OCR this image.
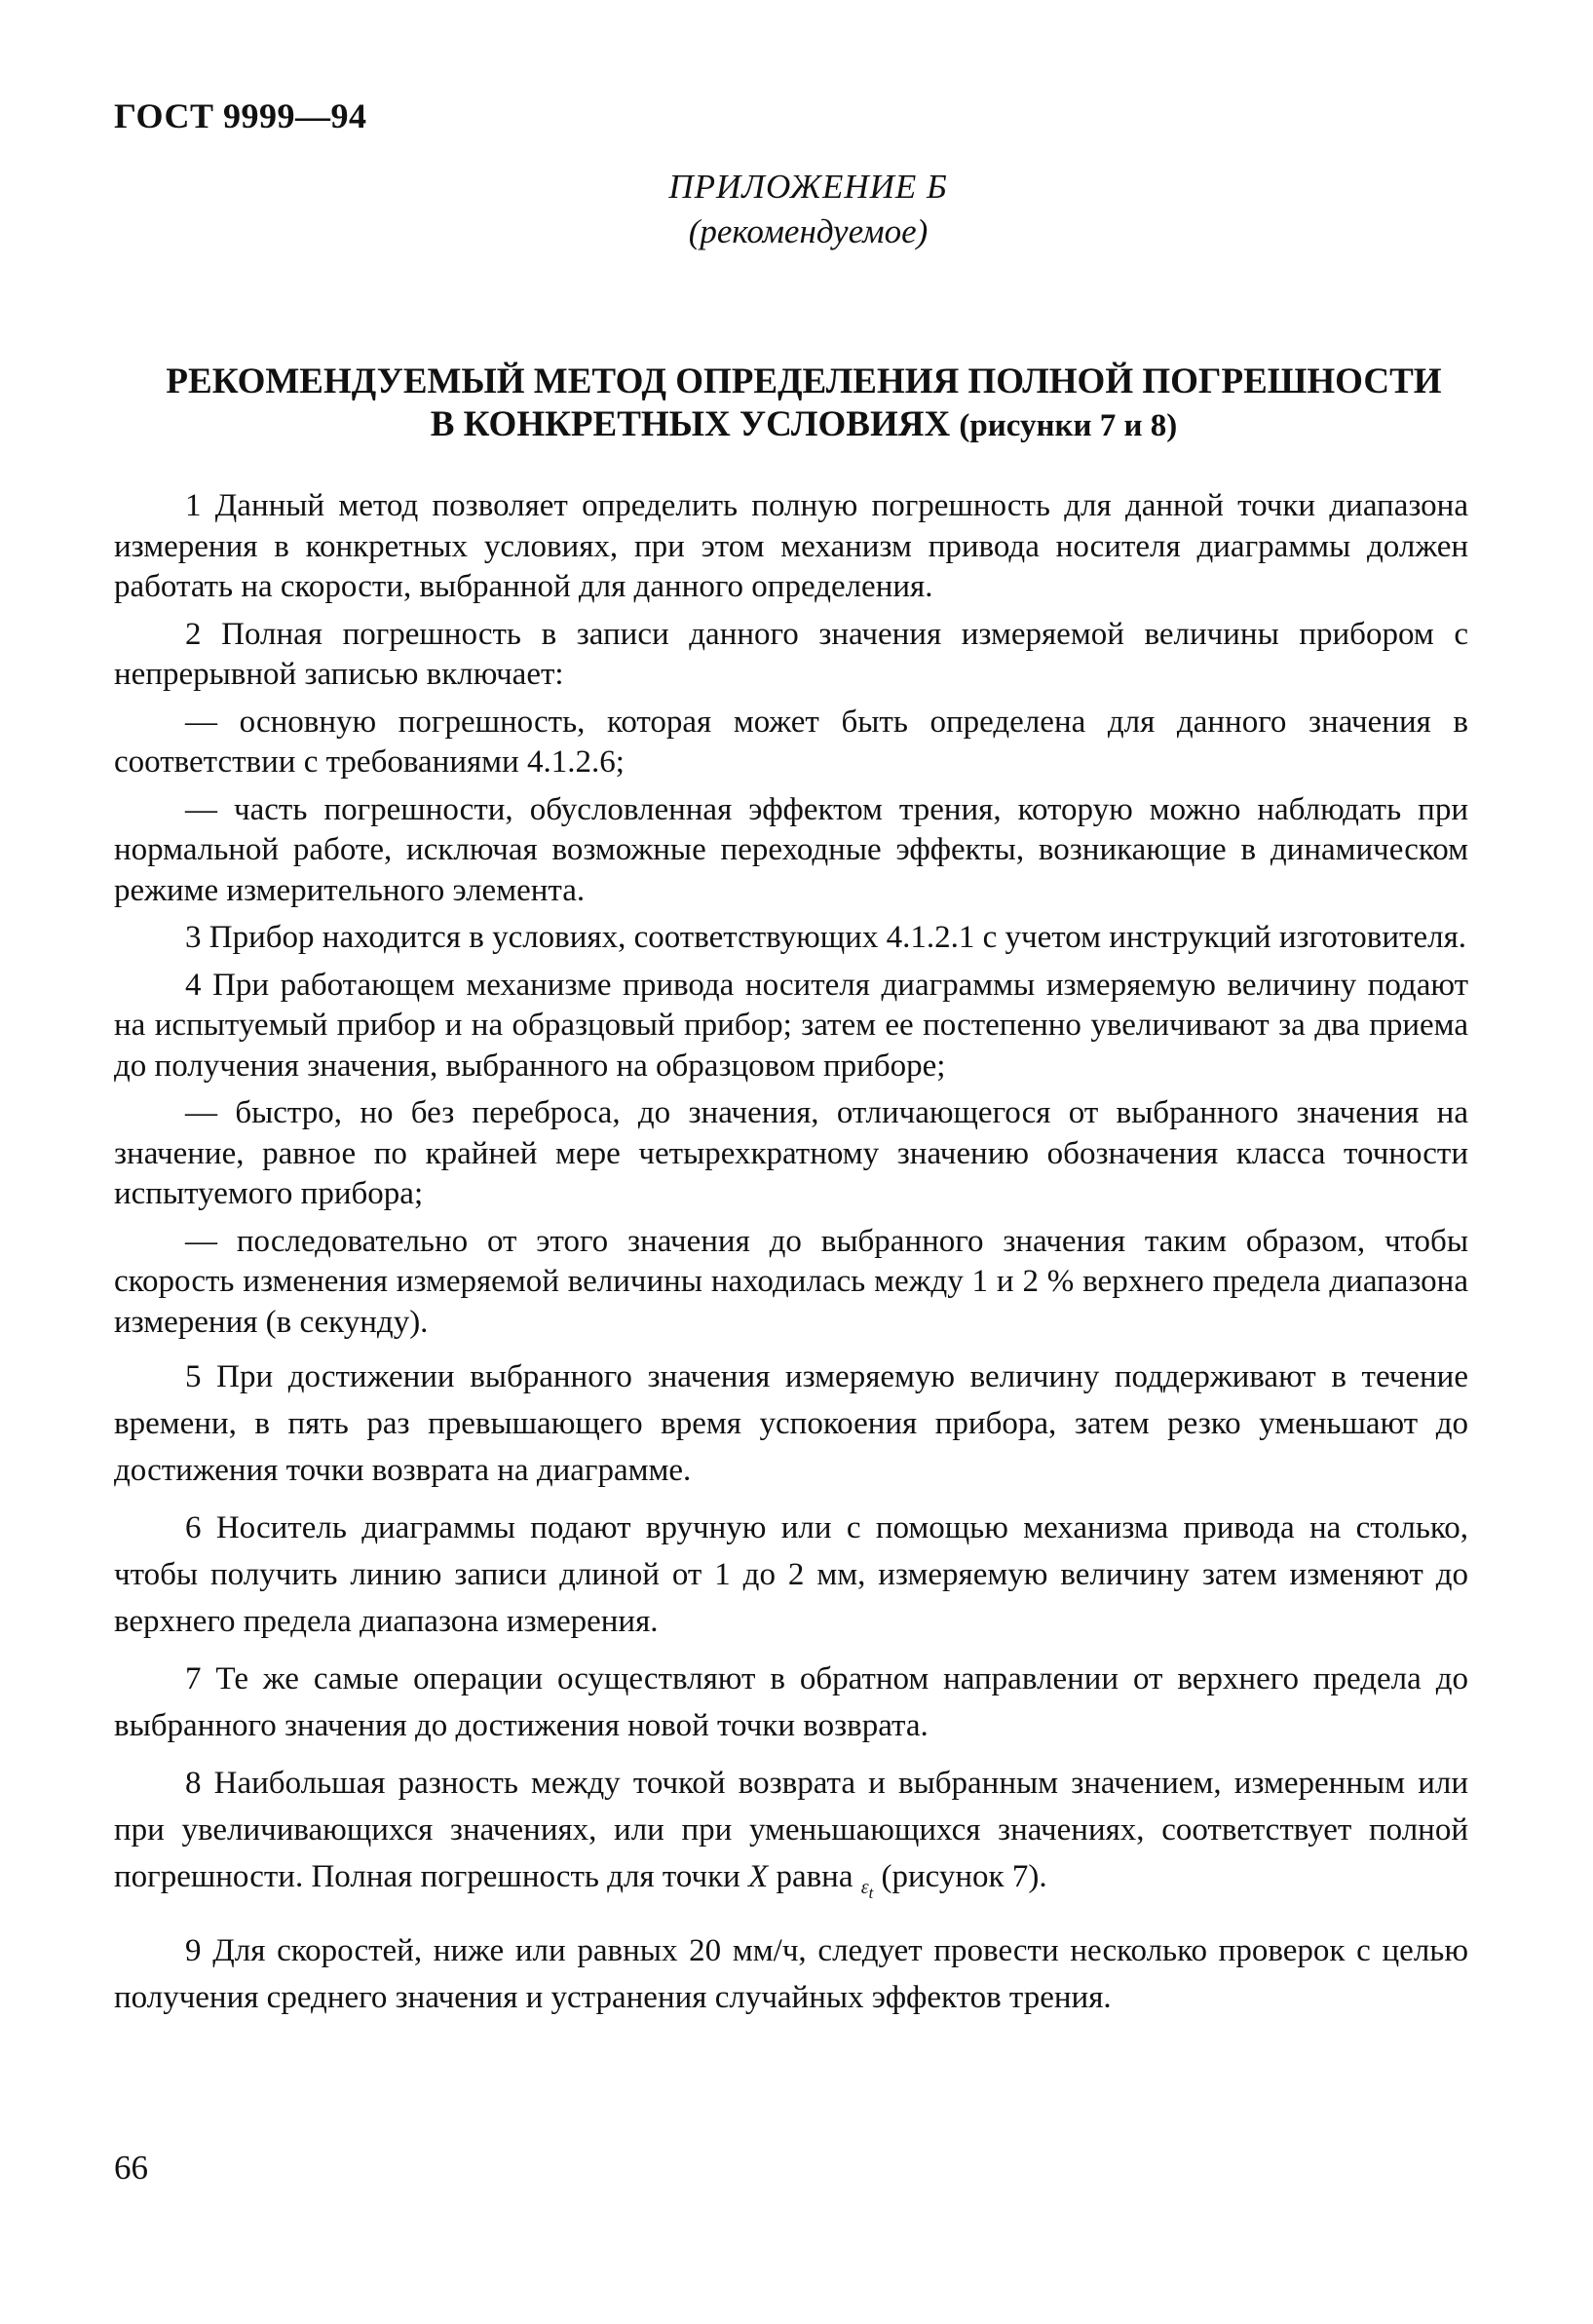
ГОСТ 9999—94
ПРИЛОЖЕНИЕ Б
(рекомендуемое)
РЕКОМЕНДУЕМЫЙ МЕТОД ОПРЕДЕЛЕНИЯ ПОЛНОЙ ПОГРЕШНОСТИ
В КОНКРЕТНЫХ УСЛОВИЯХ (рисунки 7 и 8)

1 Данный метод позволяет определить полную погрешность для данной точки диапазона измерения в конкретных условиях, при этом механизм привода носителя диаграммы должен работать на скорости, выбранной для данного определения.

2 Полная погрешность в записи данного значения измеряемой величины прибором с непрерывной записью включает:

— основную погрешность, которая может быть определена для данного значения в соответствии с требованиями 4.1.2.6;

— часть погрешности, обусловленная эффектом трения, которую можно наблюдать при нормальной работе, исключая возможные переходные эффекты, возникающие в динамическом режиме измерительного элемента.

3 Прибор находится в условиях, соответствующих 4.1.2.1 с учетом инструкций изготовителя.

4 При работающем механизме привода носителя диаграммы измеряемую величину подают на испытуемый прибор и на образцовый прибор; затем ее постепенно увеличивают за два приема до получения значения, выбранного на образцовом приборе;

— быстро, но без переброса, до значения, отличающегося от выбранного значения на значение, равное по крайней мере четырехкратному значению обозначения класса точности испытуемого прибора;

— последовательно от этого значения до выбранного значения таким образом, чтобы скорость изменения измеряемой величины находилась между 1 и 2 % верхнего предела диапазона измерения (в секунду).

5 При достижении выбранного значения измеряемую величину поддерживают в течение времени, в пять раз превышающего время успокоения прибора, затем резко уменьшают до достижения точки возврата на диаграмме.

6 Носитель диаграммы подают вручную или с помощью механизма привода на столько, чтобы получить линию записи длиной от 1 до 2 мм, измеряемую величину затем изменяют до верхнего предела диапазона измерения.

7 Те же самые операции осуществляют в обратном направлении от верхнего предела до выбранного значения до достижения новой точки возврата.

8 Наибольшая разность между точкой возврата и выбранным значением, измеренным или при увеличивающихся значениях, или при уменьшающихся значениях, соответствует полной погрешности. Полная погрешность для точки X равна $_{\varepsilon_t}$ (рисунок 7).

9 Для скоростей, ниже или равных 20 мм/ч, следует провести несколько проверок с целью получения среднего значения и устранения случайных эффектов трения.

66
